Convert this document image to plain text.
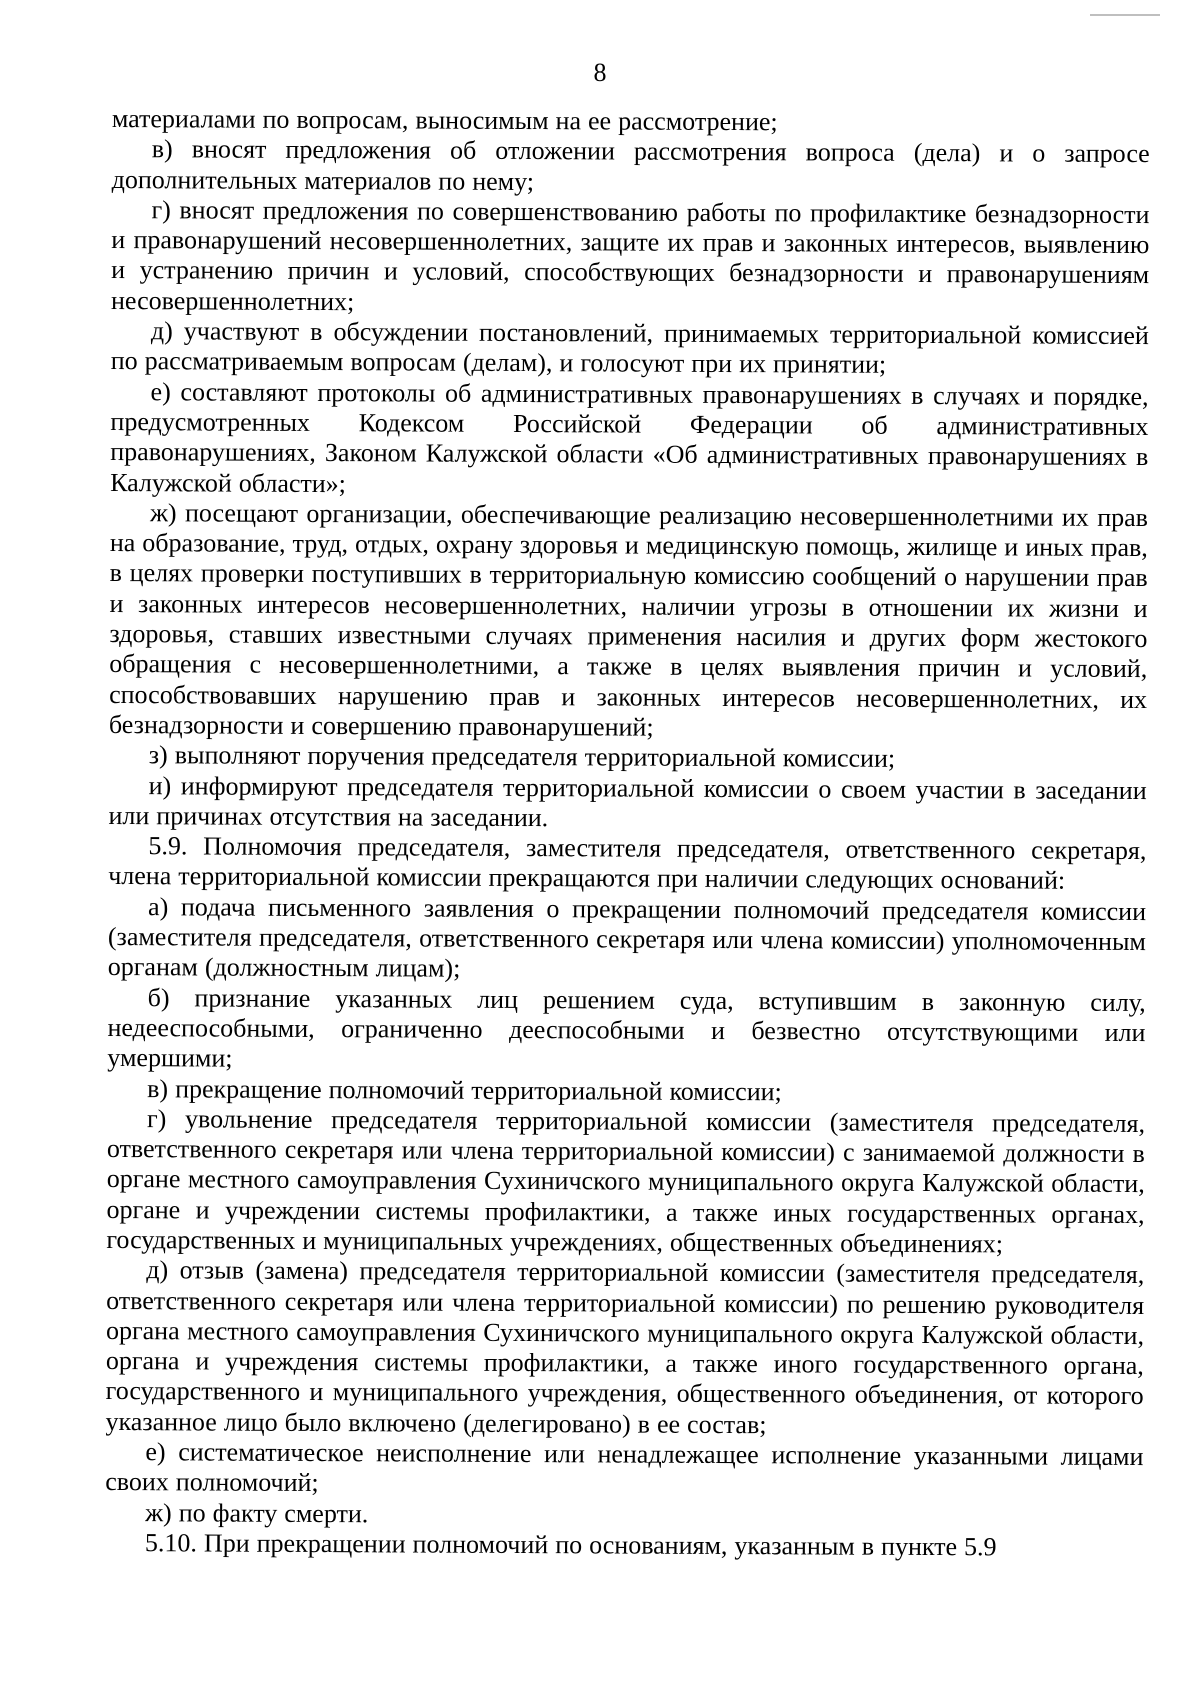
8

материалами по вопросам, выносимым на ее рассмотрение;

в) вносят предложения об отложении рассмотрения вопроса (дела) и о запросе дополнительных материалов по нему;

г) вносят предложения по совершенствованию работы по профилактике безнадзорности и правонарушений несовершеннолетних, защите их прав и законных интересов, выявлению и устранению причин и условий, способствующих безнадзорности и правонарушениям несовершеннолетних;

д) участвуют в обсуждении постановлений, принимаемых территориальной комиссией по рассматриваемым вопросам (делам), и голосуют при их принятии;

е) составляют протоколы об административных правонарушениях в случаях и порядке, предусмотренных Кодексом Российской Федерации об административных правонарушениях, Законом Калужской области «Об административных правонарушениях в Калужской области»;

ж) посещают организации, обеспечивающие реализацию несовершеннолетними их прав на образование, труд, отдых, охрану здоровья и медицинскую помощь, жилище и иных прав, в целях проверки поступивших в территориальную комиссию сообщений о нарушении прав и законных интересов несовершеннолетних, наличии угрозы в отношении их жизни и здоровья, ставших известными случаях применения насилия и других форм жестокого обращения с несовершеннолетними, а также в целях выявления причин и условий, способствовавших нарушению прав и законных интересов несовершеннолетних, их безнадзорности и совершению правонарушений;

з) выполняют поручения председателя территориальной комиссии;

и) информируют председателя территориальной комиссии о своем участии в заседании или причинах отсутствия на заседании.

5.9. Полномочия председателя, заместителя председателя, ответственного секретаря, члена территориальной комиссии прекращаются при наличии следующих оснований:

а) подача письменного заявления о прекращении полномочий председателя комиссии (заместителя председателя, ответственного секретаря или члена комиссии) уполномоченным органам (должностным лицам);

б) признание указанных лиц решением суда, вступившим в законную силу, недееспособными, ограниченно дееспособными и безвестно отсутствующими или умершими;

в) прекращение полномочий территориальной комиссии;

г) увольнение председателя территориальной комиссии (заместителя председателя, ответственного секретаря или члена территориальной комиссии) с занимаемой должности в органе местного самоуправления Сухиничского муниципального округа Калужской области, органе и учреждении системы профилактики, а также иных государственных органах, государственных и муниципальных учреждениях, общественных объединениях;

д) отзыв (замена) председателя территориальной комиссии (заместителя председателя, ответственного секретаря или члена территориальной комиссии) по решению руководителя органа местного самоуправления Сухиничского муниципального округа Калужской области, органа и учреждения системы профилактики, а также иного государственного органа, государственного и муниципального учреждения, общественного объединения, от которого указанное лицо было включено (делегировано) в ее состав;

е) систематическое неисполнение или ненадлежащее исполнение указанными лицами своих полномочий;

ж) по факту смерти.

5.10. При прекращении полномочий по основаниям, указанным в пункте 5.9
